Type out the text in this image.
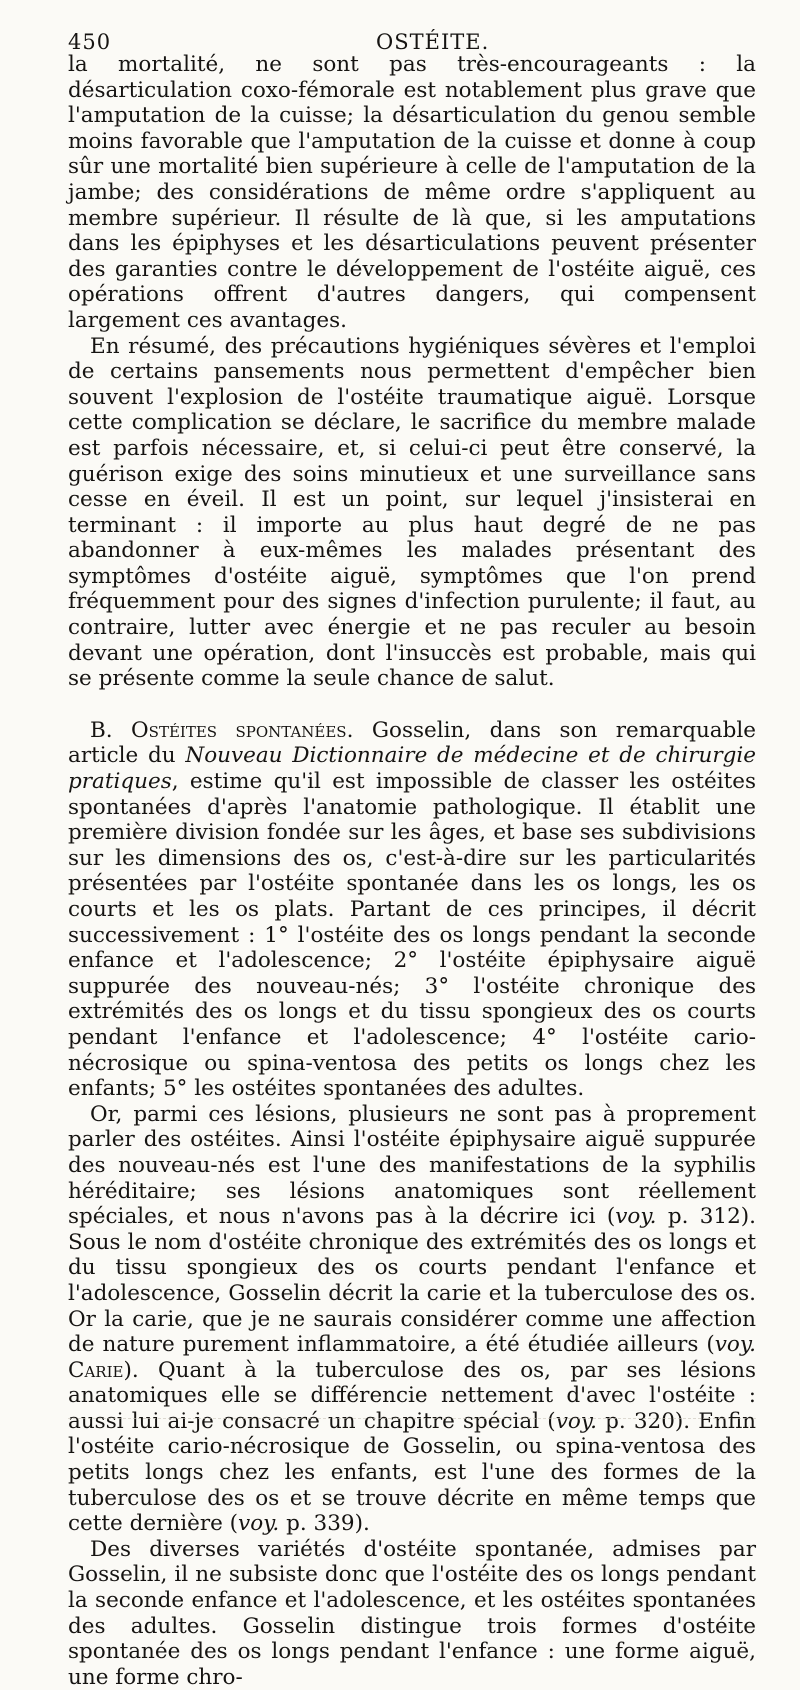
450	OSTÉITE.

la mortalité, ne sont pas très-encourageants : la désarticulation coxo-fémorale est notablement plus grave que l'amputation de la cuisse; la désarticulation du genou semble moins favorable que l'amputation de la cuisse et donne à coup sûr une mortalité bien supérieure à celle de l'amputation de la jambe; des considérations de même ordre s'appliquent au membre supérieur. Il résulte de là que, si les amputations dans les épiphyses et les désarticulations peuvent présenter des garanties contre le développement de l'ostéite aiguë, ces opérations offrent d'autres dangers, qui compensent largement ces avantages.

En résumé, des précautions hygiéniques sévères et l'emploi de certains pansements nous permettent d'empêcher bien souvent l'explosion de l'ostéite traumatique aiguë. Lorsque cette complication se déclare, le sacrifice du membre malade est parfois nécessaire, et, si celui-ci peut être conservé, la guérison exige des soins minutieux et une surveillance sans cesse en éveil. Il est un point, sur lequel j'insisterai en terminant : il importe au plus haut degré de ne pas abandonner à eux-mêmes les malades présentant des symptômes d'ostéite aiguë, symptômes que l'on prend fréquemment pour des signes d'infection purulente; il faut, au contraire, lutter avec énergie et ne pas reculer au besoin devant une opération, dont l'insuccès est probable, mais qui se présente comme la seule chance de salut.

B. Ostéites spontanées. Gosselin, dans son remarquable article du Nouveau Dictionnaire de médecine et de chirurgie pratiques, estime qu'il est impossible de classer les ostéites spontanées d'après l'anatomie pathologique. Il établit une première division fondée sur les âges, et base ses subdivisions sur les dimensions des os, c'est-à-dire sur les particularités présentées par l'ostéite spontanée dans les os longs, les os courts et les os plats. Partant de ces principes, il décrit successivement : 1° l'ostéite des os longs pendant la seconde enfance et l'adolescence; 2° l'ostéite épiphysaire aiguë suppurée des nouveau-nés; 3° l'ostéite chronique des extrémités des os longs et du tissu spongieux des os courts pendant l'enfance et l'adolescence; 4° l'ostéite cario-nécrosique ou spina-ventosa des petits os longs chez les enfants; 5° les ostéites spontanées des adultes.

Or, parmi ces lésions, plusieurs ne sont pas à proprement parler des ostéites. Ainsi l'ostéite épiphysaire aiguë suppurée des nouveau-nés est l'une des manifestations de la syphilis héréditaire; ses lésions anatomiques sont réellement spéciales, et nous n'avons pas à la décrire ici (voy. p. 312). Sous le nom d'ostéite chronique des extrémités des os longs et du tissu spongieux des os courts pendant l'enfance et l'adolescence, Gosselin décrit la carie et la tuberculose des os. Or la carie, que je ne saurais considérer comme une affection de nature purement inflammatoire, a été étudiée ailleurs (voy. Carie). Quant à la tuberculose des os, par ses lésions anatomiques elle se différencie nettement d'avec l'ostéite : aussi lui ai-je consacré un chapitre spécial (voy. p. 320). Enfin l'ostéite cario-nécrosique de Gosselin, ou spina-ventosa des petits longs chez les enfants, est l'une des formes de la tuberculose des os et se trouve décrite en même temps que cette dernière (voy. p. 339).

Des diverses variétés d'ostéite spontanée, admises par Gosselin, il ne subsiste donc que l'ostéite des os longs pendant la seconde enfance et l'adolescence, et les ostéites spontanées des adultes. Gosselin distingue trois formes d'ostéite spontanée des os longs pendant l'enfance : une forme aiguë, une forme chro-
